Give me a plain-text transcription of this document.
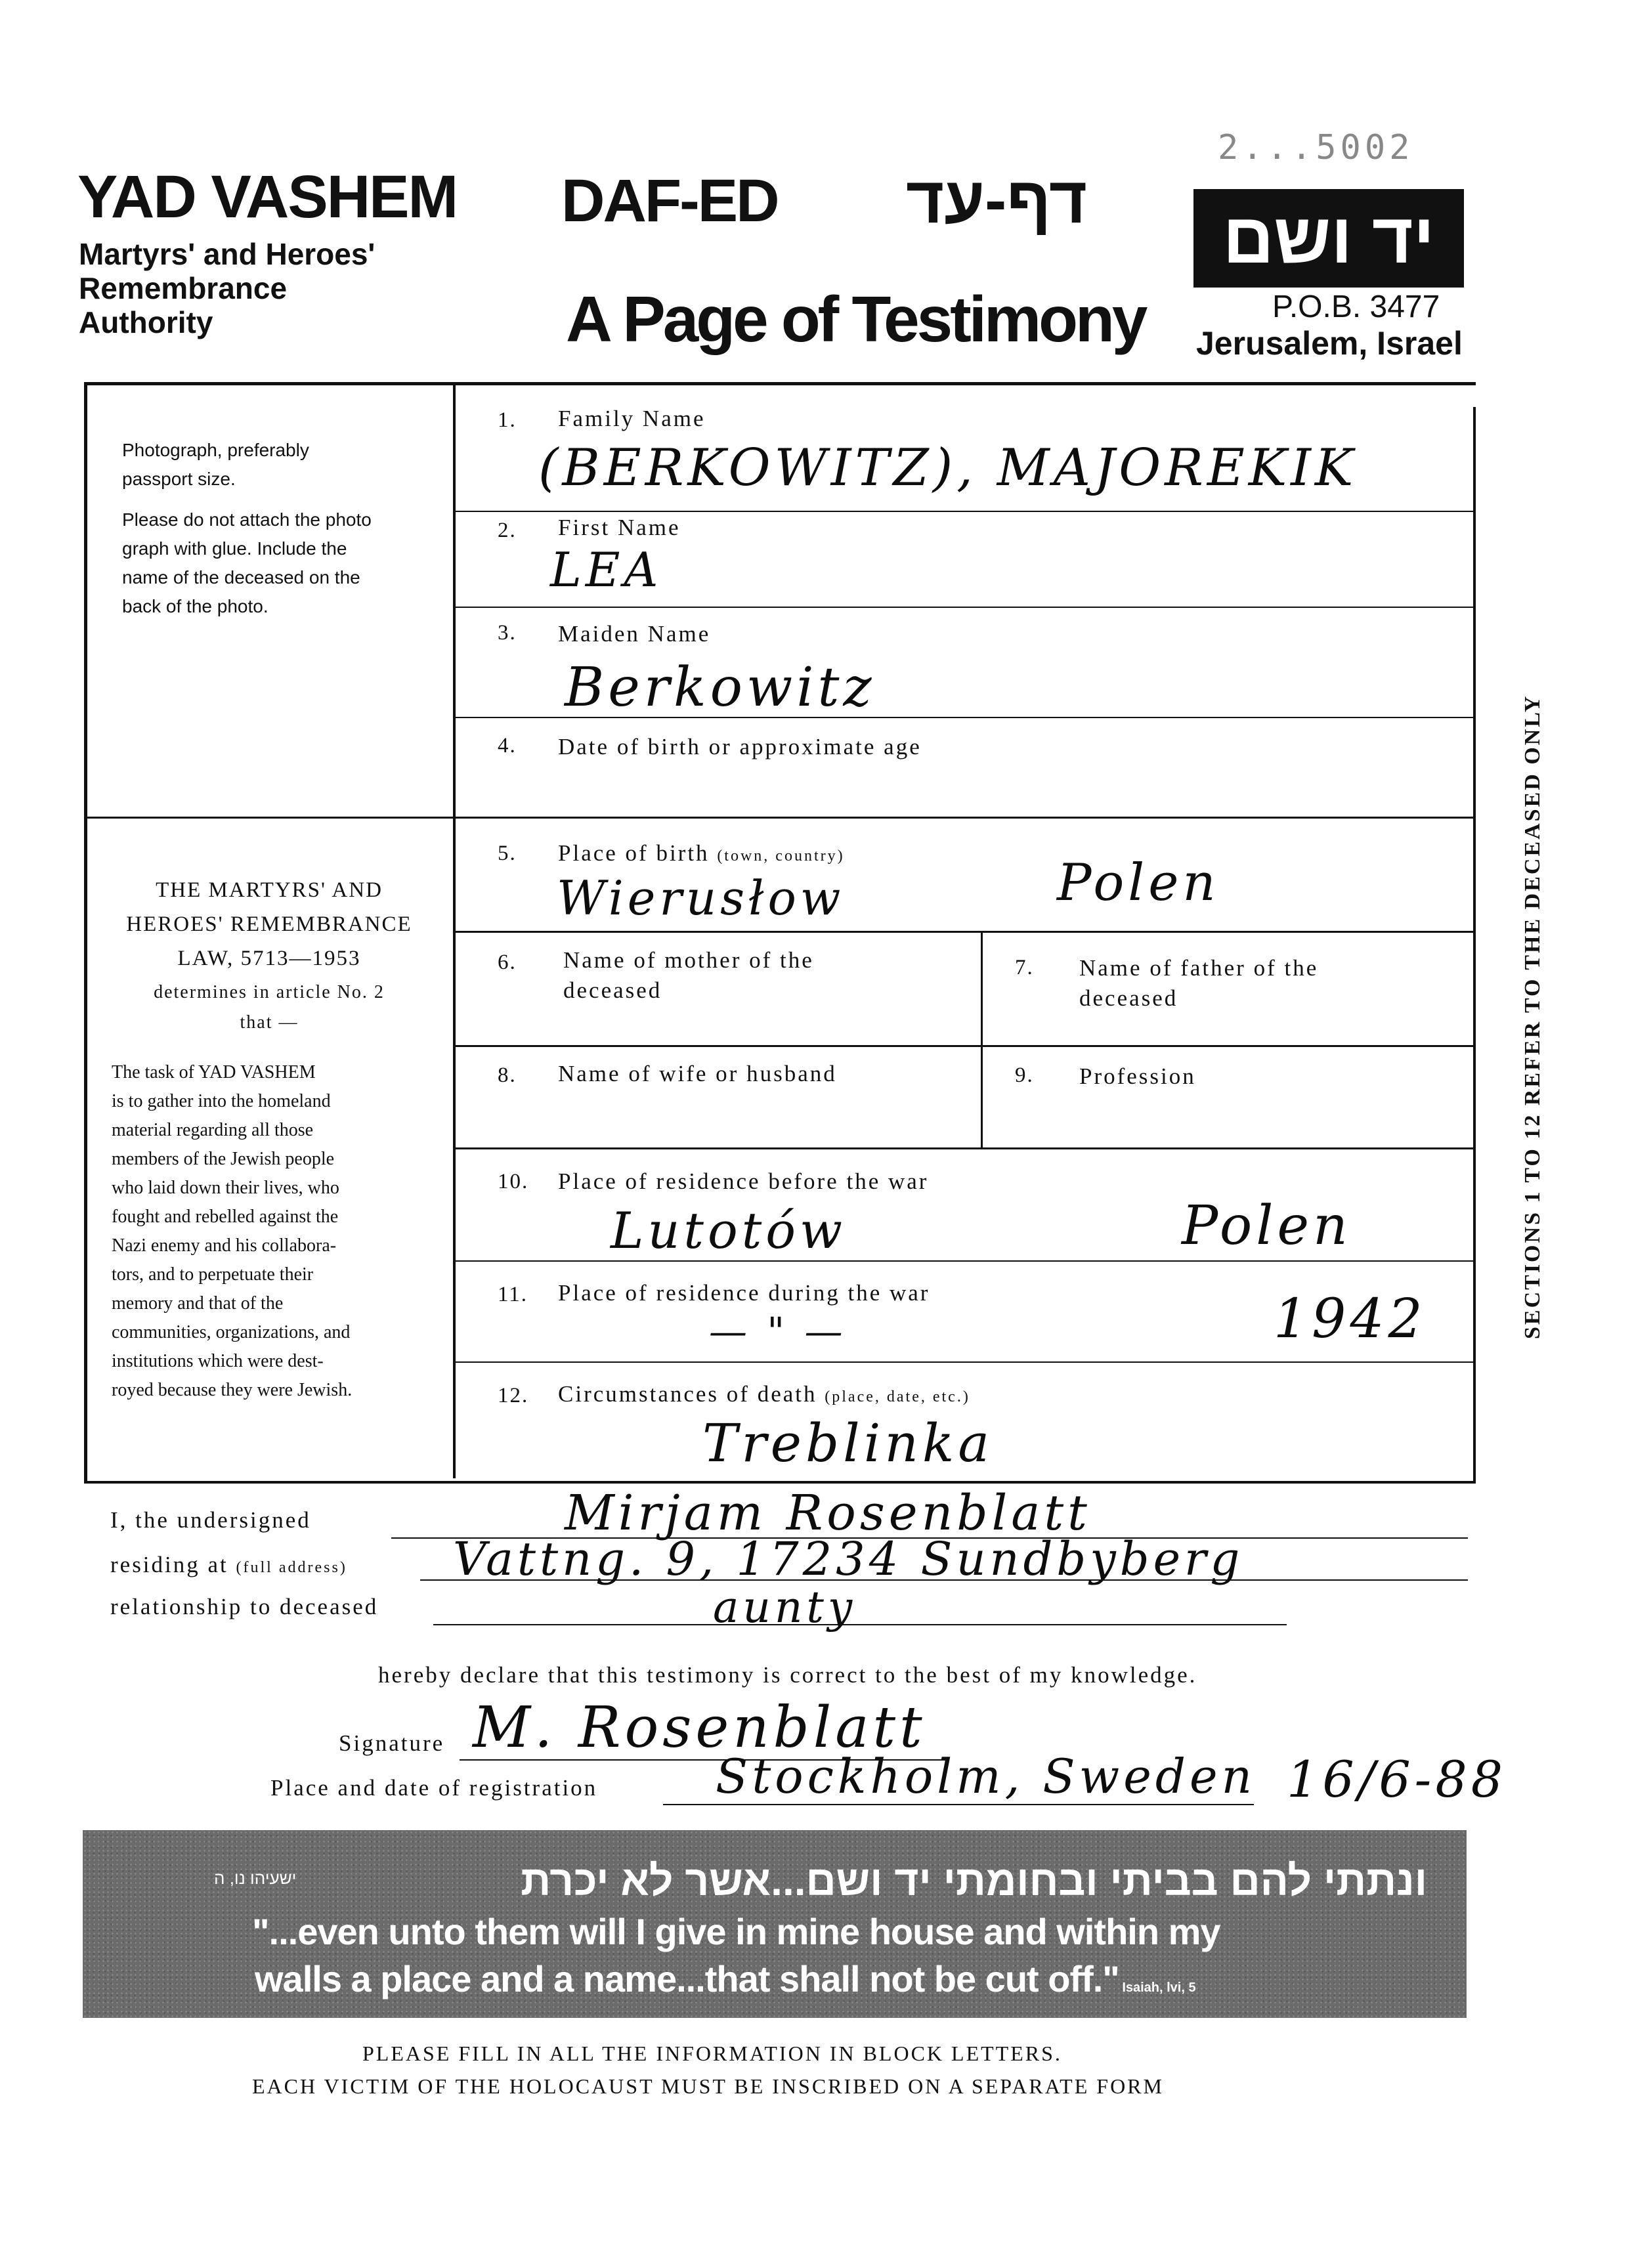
2...5002
YAD VASHEM
Martyrs' and Heroes'
Remembrance
Authority
DAF-ED דף-עד
A Page of Testimony
יד ושם
P.O.B. 3477
Jerusalem, Israel
Photograph, preferably
passport size.
Please do not attach the photo
graph with glue. Include the
name of the deceased on the
back of the photo.
THE MARTYRS' AND
HEROES' REMEMBRANCE
LAW, 5713—1953
determines in article No. 2
that —
The task of YAD VASHEM
is to gather into the homeland
material regarding all those
members of the Jewish people
who laid down their lives, who
fought and rebelled against the
Nazi enemy and his collabora-
tors, and to perpetuate their
memory and that of the
communities, organizations, and
institutions which were dest-
royed because they were Jewish.
1. Family Name
(BERKOWITZ), MAJOREKIK
2. First Name
LEA
3. Maiden Name
Berkowitz
4. Date of birth or approximate age
5. Place of birth (town, country)
Wierusłow	Polen
6. Name of mother of the
deceased
7. Name of father of the
deceased
8. Name of wife or husband	9. Profession
10. Place of residence before the war
Lutotów	Polen
11. Place of residence during the war
— " —	1942
12. Circumstances of death (place, date, etc.)
Treblinka
SECTIONS 1 TO 12 REFER TO THE DECEASED ONLY
I, the undersigned	Mirjam Rosenblatt
residing at (full address) Vattng. 9, 17234 Sundbyberg
relationship to deceased	aunty
hereby declare that this testimony is correct to the best of my knowledge.
Signature M. Rosenblatt
Place and date of registration Stockholm, Sweden 16/6-88
ישעיהו נו, ה	ונתתי להם בביתי ובחומתי יד ושם...אשר לא יכרת
"...even unto them will I give in mine house and within my
walls a place and a name...that shall not be cut off." Isaiah, lvi, 5
PLEASE FILL IN ALL THE INFORMATION IN BLOCK LETTERS.
EACH VICTIM OF THE HOLOCAUST MUST BE INSCRIBED ON A SEPARATE FORM
